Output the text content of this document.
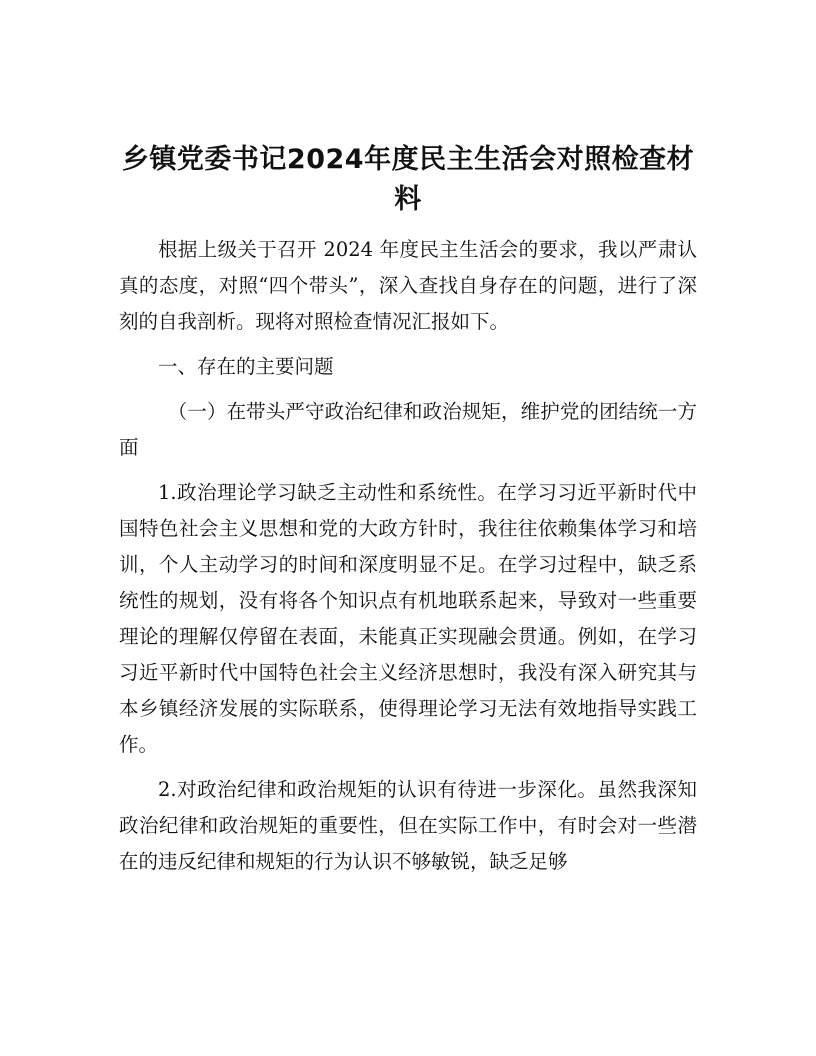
乡镇党委书记2024年度民主生活会对照检查材料

根据上级关于召开 2024 年度民主生活会的要求，我以严肃认真的态度，对照“四个带头”，深入查找自身存在的问题，进行了深刻的自我剖析。现将对照检查情况汇报如下。

一、存在的主要问题

（一）在带头严守政治纪律和政治规矩，维护党的团结统一方面

1.政治理论学习缺乏主动性和系统性。在学习习近平新时代中国特色社会主义思想和党的大政方针时，我往往依赖集体学习和培训，个人主动学习的时间和深度明显不足。在学习过程中，缺乏系统性的规划，没有将各个知识点有机地联系起来，导致对一些重要理论的理解仅停留在表面，未能真正实现融会贯通。例如，在学习习近平新时代中国特色社会主义经济思想时，我没有深入研究其与本乡镇经济发展的实际联系，使得理论学习无法有效地指导实践工作。

2.对政治纪律和政治规矩的认识有待进一步深化。虽然我深知政治纪律和政治规矩的重要性，但在实际工作中，有时会对一些潜在的违反纪律和规矩的行为认识不够敏锐，缺乏足够
